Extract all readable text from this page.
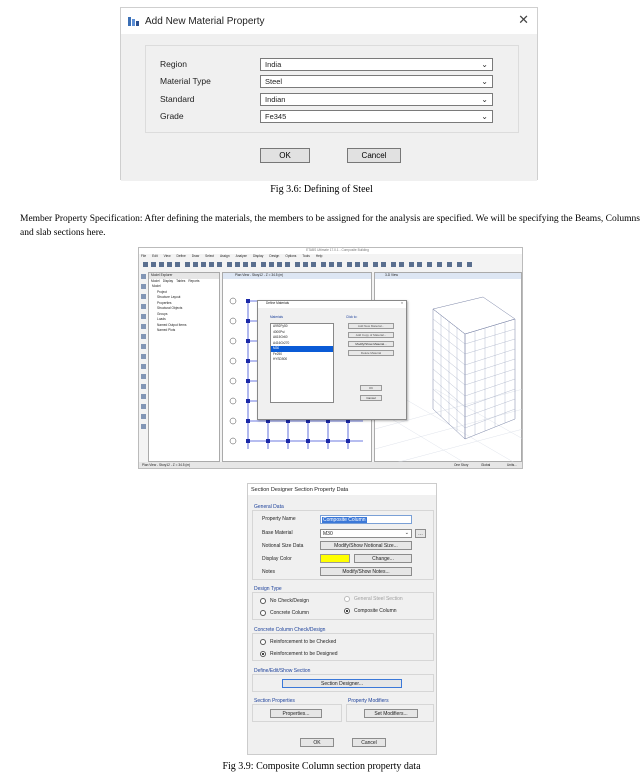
Add New Material Property	✕
Region	India	⌄
Material Type	Steel	⌄
Standard	Indian	⌄
Grade	Fe345	⌄
OK	Cancel
Fig 3.6: Defining of Steel
Member Property Specification: After defining the materials, the members to be assigned for the analysis are specified. We will be specifying the Beams, Columns and slab sections here.
ETABS Ultimate 17.0.1 - Composite Building
File Edit View Define Draw Select Assign Analyze Display Design Options Tools Help
Model Explorer
Model Display Tables Reports
Model
Project
Structure Layout
Properties
Structural Objects
Groups
Loads
Named Output Items
Named Plots
Plan View - Story12 - Z = 34.5 (m)	3-D View
Define Materials	×
Materials	Click to:
A992Fy50
4000Psi
A615Gr60
A416Gr270
M30
Fe250
HYSD500
Add New Material...
Add Copy of Material...
Modify/Show Material...
Delete Material
OK
Cancel
Plan View - Story12 - Z = 34.5 (m)	One Story	Global	Units...
Section Designer Section Property Data
General Data
Property Name	Composite Column
Base Material	M30	⌄	…
Notional Size Data	Modify/Show Notional Size...
Display Color	Change...
Notes	Modify/Show Notes...
Design Type
No Check/Design	General Steel Section
Concrete Column	Composite Column
Concrete Column Check/Design
Reinforcement to be Checked
Reinforcement to be Designed
Define/Edit/Show Section
Section Designer...
Section Properties
Properties...
Property Modifiers
Set Modifiers...
OK	Cancel
Fig 3.9: Composite Column section property data
